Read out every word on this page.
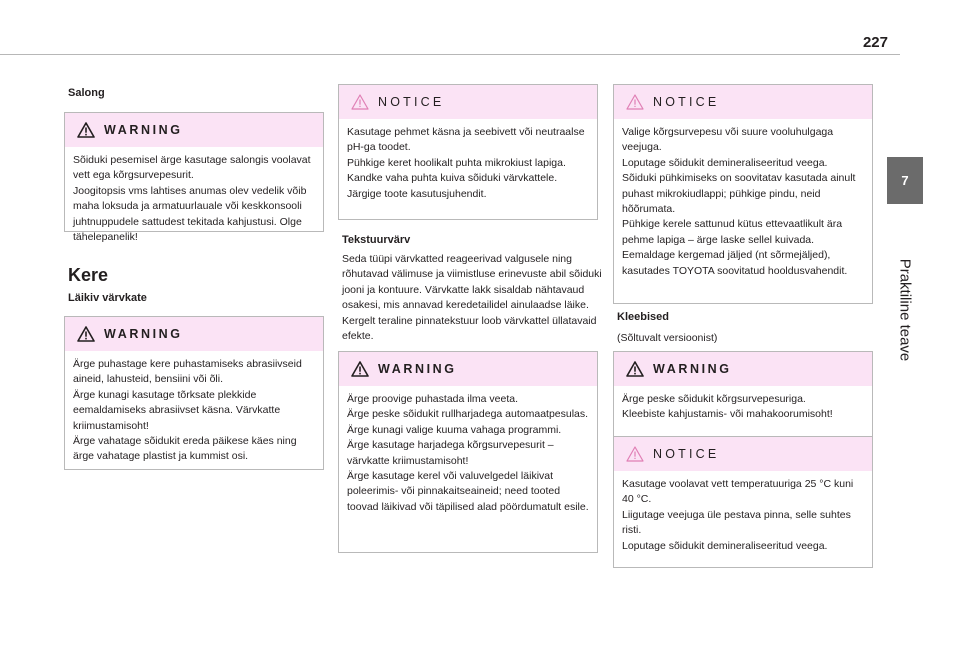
227
7
Praktiline teave
Salong
WARNING
Sõiduki pesemisel ärge kasutage salongis voolavat vett ega kõrgsurvepesurit.
Joogitopsis vms lahtises anumas olev vedelik võib maha loksuda ja armatuurlauale või keskkonsooli juhtnuppudele sattudest tekitada kahjustusi. Olge tähelepanelik!
Kere
Läikiv värvkate
WARNING
Ärge puhastage kere puhastamiseks abrasiivseid aineid, lahusteid, bensiini või õli.
Ärge kunagi kasutage tõrksate plekkide eemaldamiseks abrasiivset käsna. Värvkatte kriimustamisoht!
Ärge vahatage sõidukit ereda päikese käes ning ärge vahatage plastist ja kummist osi.
NOTICE
Kasutage pehmet käsna ja seebivett või neutraalse pH-ga toodet.
Pühkige keret hoolikalt puhta mikrokiust lapiga.
Kandke vaha puhta kuiva sõiduki värvkattele. Järgige toote kasutusjuhendit.
Tekstuurvärv

Seda tüüpi värvkatted reageerivad valgusele ning rõhutavad välimuse ja viimistluse erinevuste abil sõiduki jooni ja kontuure. Värvkatte lakk sisaldab nähtavaud osakesi, mis annavad keredetailidel ainulaadse läike. Kergelt teraline pinnatekstuur loob värvkattel üllatavaid efekte.

WARNING
Ärge proovige puhastada ilma veeta.
Ärge peske sõidukit rullharjadega automaatpesulas.
Ärge kunagi valige kuuma vahaga programmi.
Ärge kasutage harjadega kõrgsurvepesurit – värvkatte kriimustamisoht!
Ärge kasutage kerel või valuvelgedel läikivat poleerimis- või pinnakaitseaineid; need tooted toovad läikivad või täpilised alad pöördumatult esile.
NOTICE
Valige kõrgsurvepesu või suure vooluhulgaga veejuga.
Loputage sõidukit demineraliseeritud veega.
Sõiduki pühkimiseks on soovitatav kasutada ainult puhast mikrokiudlappi; pühkige pindu, neid hõõrumata.
Pühkige kerele sattunud kütus ettevaatlikult ära pehme lapiga – ärge laske sellel kuivada.
Eemaldage kergemad jäljed (nt sõrmejäljed), kasutades TOYOTA soovitatud hooldusvahendit.
Kleebised

(Sõltuvalt versioonist)

WARNING
Ärge peske sõidukit kõrgsurvepesuriga.
Kleebiste kahjustamis- või mahakoorumisoht!
NOTICE
Kasutage voolavat vett temperatuuriga 25 °C kuni 40 °C.
Liigutage veejuga üle pestava pinna, selle suhtes risti.
Loputage sõidukit demineraliseeritud veega.
